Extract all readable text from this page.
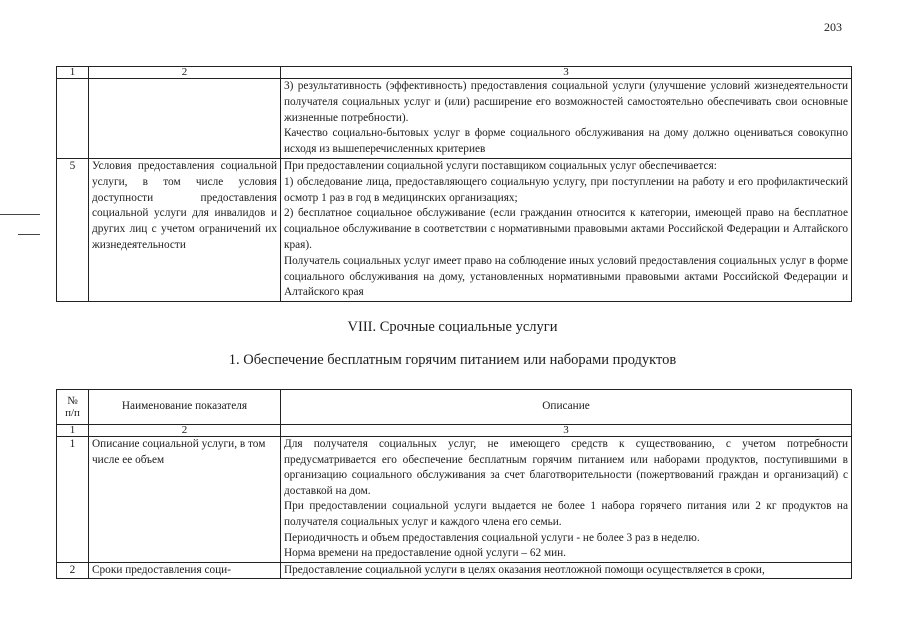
203
1	2	3

		3) результативность (эффективность) предоставления социальной услуги (улучшение условий жизнедеятельности получателя социальных услуг и (или) расширение его возможностей самостоятельно обеспечивать свои основные жизненные потребности).

Качество социально-бытовых услуг в форме социального обслуживания на дому должно оцениваться совокупно исходя из вышеперечисленных критериев

5	Условия предоставления социальной услуги, в том числе условия доступности предоставления социальной услуги для инвалидов и других лиц с учетом ограничений их жизнедеятельности	При предоставлении социальной услуги поставщиком социальных услуг обеспечивается:

1) обследование лица, предоставляющего социальную услугу, при поступлении на работу и его профилактический осмотр 1 раз в год в медицинских организациях;

2) бесплатное социальное обслуживание (если гражданин относится к категории, имеющей право на бесплатное социальное обслуживание в соответствии с нормативными правовыми актами Российской Федерации и Алтайского края).

Получатель социальных услуг имеет право на соблюдение иных условий предоставления социальных услуг в форме социального обслуживания на дому, установленных нормативными правовыми актами Российской Федерации и Алтайского края

VIII. Срочные социальные услуги
1. Обеспечение бесплатным горячим питанием или наборами продуктов
№
п/п	Наименование показателя	Описание
1	2	3
1	Описание социальной услуги, в том числе ее объем	Для получателя социальных услуг, не имеющего средств к существованию, с учетом потребности предусматривается его обеспечение бесплатным горячим питанием или наборами продуктов, поступившими в организацию социального обслуживания за счет благотворительности (пожертвований граждан и организаций) с доставкой на дом.

При предоставлении социальной услуги выдается не более 1 набора горячего питания или 2 кг продуктов на получателя социальных услуг и каждого члена его семьи.

Периодичность и объем предоставления социальной услуги - не более 3 раз в неделю.

Норма времени на предоставление одной услуги – 62 мин.

2	Сроки предоставления соци-	Предоставление социальной услуги в целях оказания неотложной помощи осуществляется в сроки,
